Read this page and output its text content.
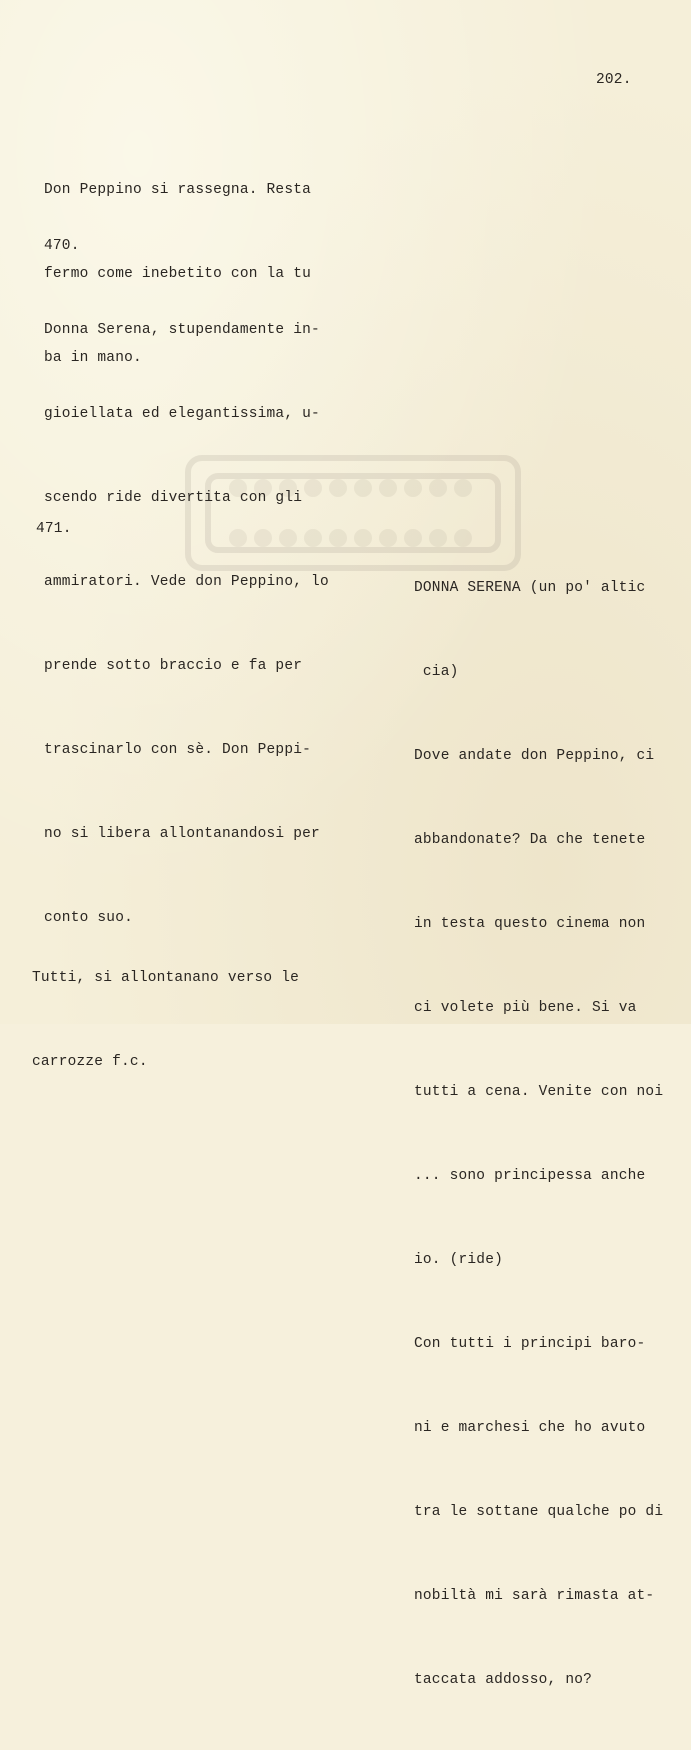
202.

Don Peppino si rassegna. Resta

fermo come inebetito con la tu

ba in mano.

470.

Donna Serena, stupendamente in-

gioiellata ed elegantissima, u-

scendo ride divertita con gli

ammiratori. Vede don Peppino, lo

prende sotto braccio e fa per

trascinarlo con sè. Don Peppi-

no si libera allontanandosi per

conto suo.

471.

DONNA SERENA (un po' altic

cia)

Dove andate don Peppino, ci

abbandonate? Da che tenete

in testa questo cinema non

ci volete più bene. Si va

tutti a cena. Venite con noi

... sono principessa anche

io. (ride)

Con tutti i principi baro-

ni e marchesi che ho avuto

tra le sottane qualche po di

nobiltà mi sarà rimasta at-

taccata addosso, no?

Tutti, si allontanano verso le

carrozze f.c.
